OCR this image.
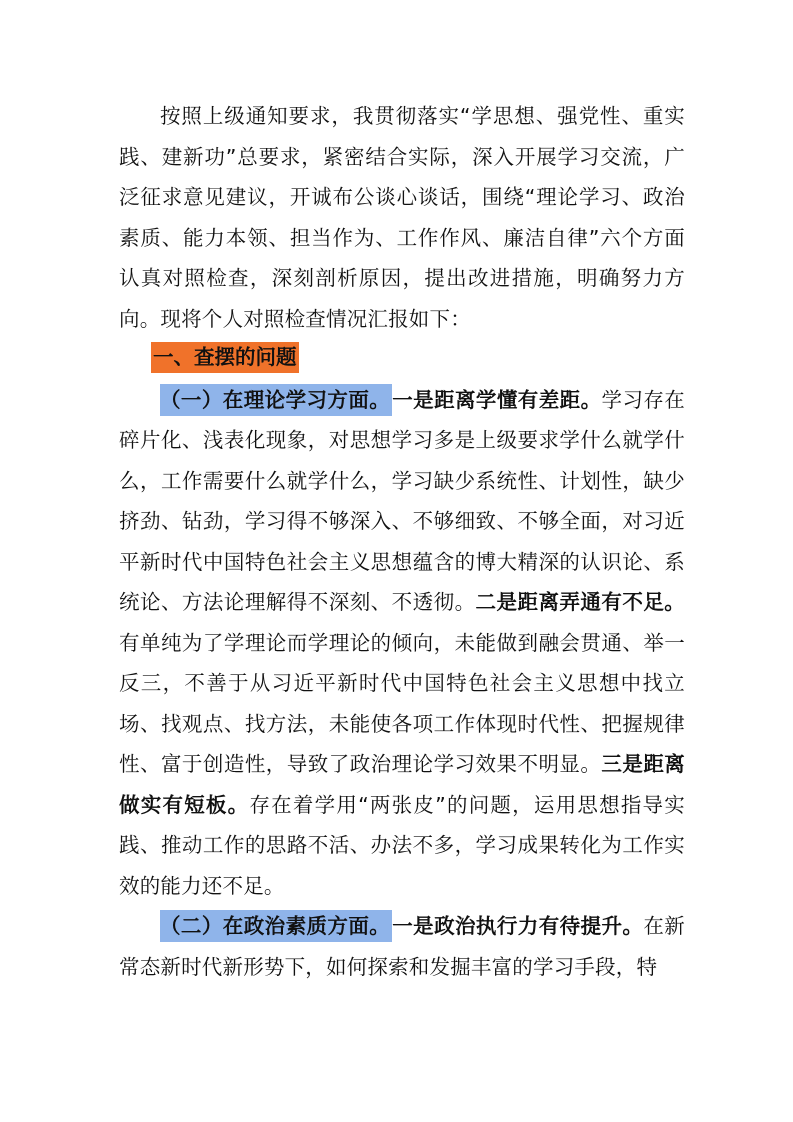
按照上级通知要求，我贯彻落实“学思想、强党性、重实践、建新功”总要求，紧密结合实际，深入开展学习交流，广泛征求意见建议，开诚布公谈心谈话，围绕“理论学习、政治素质、能力本领、担当作为、工作作风、廉洁自律”六个方面认真对照检查，深刻剖析原因，提出改进措施，明确努力方向。现将个人对照检查情况汇报如下：

一、查摆的问题

（一）在理论学习方面。一是距离学懂有差距。学习存在碎片化、浅表化现象，对思想学习多是上级要求学什么就学什么，工作需要什么就学什么，学习缺少系统性、计划性，缺少挤劲、钻劲，学习得不够深入、不够细致、不够全面，对习近平新时代中国特色社会主义思想蕴含的博大精深的认识论、系统论、方法论理解得不深刻、不透彻。二是距离弄通有不足。有单纯为了学理论而学理论的倾向，未能做到融会贯通、举一反三，不善于从习近平新时代中国特色社会主义思想中找立场、找观点、找方法，未能使各项工作体现时代性、把握规律性、富于创造性，导致了政治理论学习效果不明显。三是距离做实有短板。存在着学用“两张皮”的问题，运用思想指导实践、推动工作的思路不活、办法不多，学习成果转化为工作实效的能力还不足。

（二）在政治素质方面。一是政治执行力有待提升。在新常态新时代新形势下，如何探索和发掘丰富的学习手段，特
